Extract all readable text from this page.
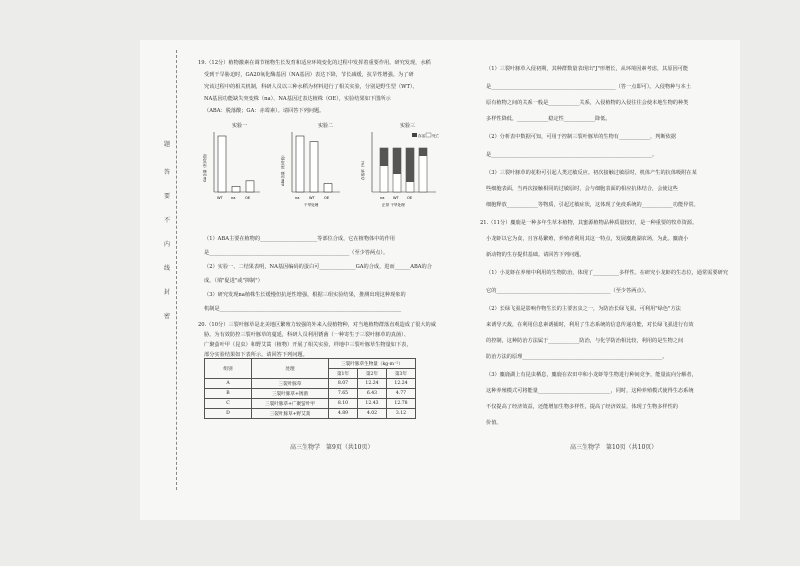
题
答
要
不
内
线
封
密
19.（12分）植物激素在调节植物生长发育和适应环境变化的过程中发挥着重要作用。研究发现，水稻
受到干旱胁迫时，GA20氧化酶基因（NA基因）表达下降，节长减缓，抗旱性增强。为了研
究该过程中的相关机制，科研人员以三种水稻为材料进行了相关实验，分别是野生型（WT）、
NA基因功能缺失突变株（na）、NA基因过表达植株（OE），实验结果如下图所示
（ABA：脱落酸；GA：赤霉素）。请回答下列问题。
实验一
GA含量（相对值）
WT na	OE
实验二
ABA含量（相对值）
na	WT	OE
干旱处理
实验三
存活率（%）
存活 死亡
na WT OE
正常 干旱处理
（1）ABA主要在植物的______________________等部位合成，它在植物体中的作用
是______________________________________________________（至少答两点）。
（2）实验一、二结果表明，NA基因编码的蛋白可______________GA的合成，进而______ABA的合
成。（填"促进"或"抑制"）
（3）研究发现na植株生长缓慢但抗逆性增强，根据三组实验结果，推测出现这种现象的
机制是______________________________________________________________________
20.（10分）三裂叶豚草是北美地区繁殖力较强的外来入侵植物种，对当地植物群落直观造成了很大的威
胁。为有效防控三裂叶豚草的蔓延，科研人员利用锈菌（一种寄生于三裂叶豚草的真菌）、
广聚萤叶甲（昆虫）和野艾蒿（植物）开展了相关实验，样地中三裂叶豚草生物量如下表，
部分实验结果如下表所示。请回答下列问题。
组别	处理	三裂叶豚草生物量（kg·m⁻²）		
		第1年	第2年	第3年
A	三裂叶豚草	8.07	12.24	12.24
B	三裂叶豚草+锈菌	7.65	6.43	4.77
C	三裂叶豚草+广聚萤叶甲	8.10	12.43	12.78
D	三裂叶豚草+野艾蒿	4.89	4.02	3.12
高三生物学　第9页（共10页）
（1）三裂叶豚草入侵初期，其种群数量表现出"J"形增长，从环境因素考虑，其原因可能
是________________________________________________（答一点即可）。入侵物种与本土
原有植物之间的关系一般是____________关系，入侵植物的入侵往往会使本地生物的种类
多样性降低，____________稳定性____________降低。
（2）分析表中数据可知，可用于控制三裂叶豚草的生物有____________，判断依据
是______________________________________________________________。
（3）三裂叶豚草的花粉可引起人类过敏反应。初次接触过敏原时，机体产生的抗体吸附在某
些细胞表面，当再次接触相同的过敏原时，会与细胞表面的相应抗体结合，会使这些
细胞释放____________等物质，引起过敏症状，这体现了免疫系统的____________功能异常。
21.（11分）麋鹿是一种多年生草本植物，其蜜源植物品种质量较好，是一种重要的牧草资源。
小龙虾以它为食，且容易繁殖，养殖者利用其这一特点，发展麋鹿湖农场，为此。麋鹿小
新动物的生存提供基础。请回答下列问题。
（1）小龙虾在养殖中利用的生物防治，体现了__________多样性。在研究小龙虾的生态位，通常需要研究
它的____________________________________________（至少答两点）。
（2）长绿飞虱是影响作物生长的主要害虫之一，为防治长绿飞虱，可利用"绿色"方法
来诱导天敌，在利用信息素诱捕时，利用了生态系统的信息传递功能，对长绿飞虱进行有效
的控制，这种防治方法属于____________防治，与化学防治相比较，利用的是生物之间
防治方法的原理______________________________________________________。
（3）麋鹿湖上有昆虫栖息，麋鹿在农田中和小龙虾等生物进行种间竞争，能量流向分解者，
这种养殖模式可将能量____________________________，同时，这种养殖模式使得生态系统
不仅提高了经济效益，还能增加生物多样性，提高了经济效益，体现了生物多样性的
价值。
高三生物学　第10页（共10页）
